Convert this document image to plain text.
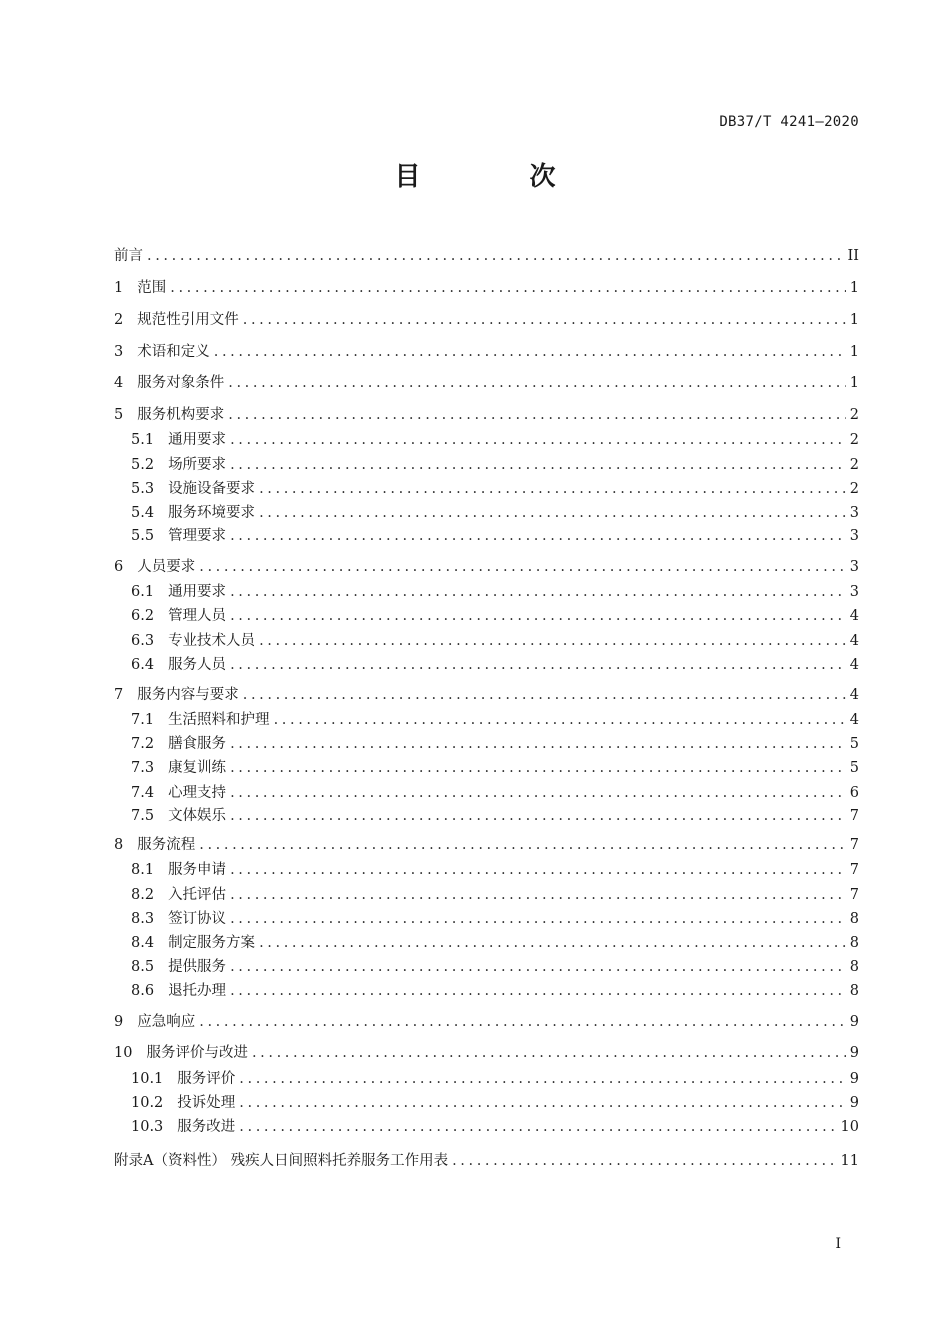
DB37/T 4241—2020
目 次
前言 .....	II
1 范围 .....	1
2 规范性引用文件 .....	1
3 术语和定义 .....	1
4 服务对象条件 .....	1
5 服务机构要求 .....	2
5.1 通用要求 .....	2
5.2 场所要求 .....	2
5.3 设施设备要求 .....	2
5.4 服务环境要求 .....	3
5.5 管理要求 .....	3
6 人员要求 .....	3
6.1 通用要求 .....	3
6.2 管理人员 .....	4
6.3 专业技术人员 .....	4
6.4 服务人员 .....	4
7 服务内容与要求 .....	4
7.1 生活照料和护理 .....	4
7.2 膳食服务 .....	5
7.3 康复训练 .....	5
7.4 心理支持 .....	6
7.5 文体娱乐 .....	7
8 服务流程 .....	7
8.1 服务申请 .....	7
8.2 入托评估 .....	7
8.3 签订协议 .....	8
8.4 制定服务方案 .....	8
8.5 提供服务 .....	8
8.6 退托办理 .....	8
9 应急响应 .....	9
10 服务评价与改进 .....	9
10.1 服务评价 .....	9
10.2 投诉处理 .....	9
10.3 服务改进 .....	10
附录A（资料性） 残疾人日间照料托养服务工作用表 .....	11
I
